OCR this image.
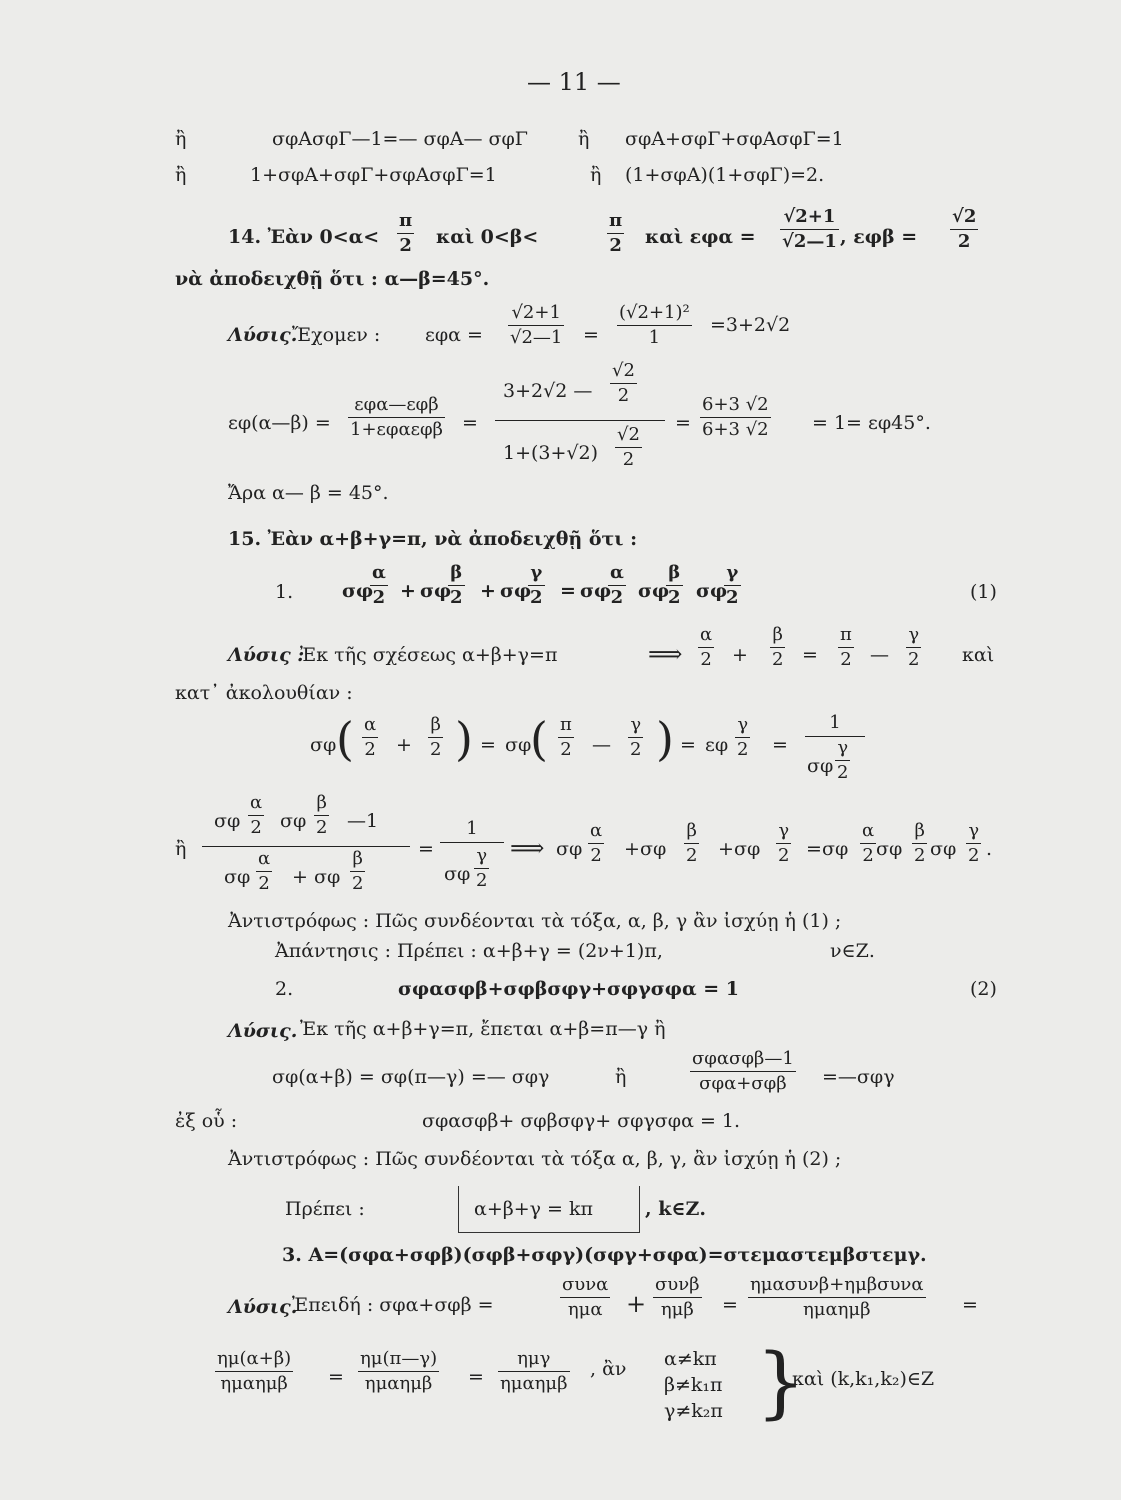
— 11 —
ἢ	σφΑσφΓ—1=— σφΑ— σφΓ	ἢ σφΑ+σφΓ+σφΑσφΓ=1
ἢ	1+σφΑ+σφΓ+σφΑσφΓ=1	ἢ (1+σφΑ)(1+σφΓ)=2.
14. Ἐὰν $0<\alpha< \frac{\pi}{2}$ καὶ 0<β<	$\frac{\pi}{2}$ καὶ $\varepsilon\varphi\alpha = \frac{√2+1}{√2—1}$ , $\varepsilon\varphi\beta = \frac{√2}{2}$
νὰ ἀποδειχθῇ ὅτι : α—β=45°.
Λύσις.
Ἔχομεν : $\varepsilon\varphi\alpha = \frac{√2+1}{√2—1} = \frac{\text{(√2+1)²}}{1} =3+2√2$
εφ(α—β) =
εφα—εφβ
1+εφαεφβ =
3+2√2 — $\frac{√2}{2}$
$1+(3+√2) \frac{√2}{2}$
= $\frac{6+3 √2}{6+3 √2} = 1= \varepsilon\varphi 45^\circ$.
Ἄρα α— β = 45°.
15. Ἐὰν α+β+γ=π, νὰ ἀποδειχθῇ ὅτι :
1.	σφ
$\frac{\alpha}{2} + \sigma\varphi$
$\frac{\beta}{2} + \sigma\varphi$
$\frac{\gamma}{2} = \sigma\varphi$
$\frac{\alpha}{2}$ σφ
$\frac{\beta}{2}$ σφ
$\frac{\gamma}{2}$	(1)
Λύσις :
Ἐκ τῆς σχέσεως α+β+γ=π	⟹ $\frac{\alpha}{2} + \frac{\beta}{2} = \frac{\pi}{2}$ — $\frac{\gamma}{2}$ καὶ
κατ᾽ ἀκολουθίαν :
σφ ( $\frac{\alpha}{2} + \frac{\beta}{2}$ ) = σφ
( $\frac{\pi}{2}$ — $\frac{\gamma}{2}$ ) = εφ $\frac{\gamma}{2}$ =
1
σφ $\frac{\gamma}{2}$
ἢ
σφ $\frac{\alpha}{2}$ σφ $\frac{\beta}{2}$ —1
σφ $\frac{\alpha}{2} + \sigma\varphi \frac{\beta}{2}$
=
1
σφ $\frac{\gamma}{2}$ ⟹ σφ $\frac{\alpha}{2} + \sigma\varphi \frac{\beta}{2} + \sigma\varphi \frac{\gamma}{2} = \sigma\varphi \frac{\alpha}{2}$ σφ $\frac{\beta}{2}$ σφ $\frac{\gamma}{2}$ .
Ἀντιστρόφως : Πῶς συνδέονται τὰ τόξα, α, β, γ ἂν ἰσχύῃ ἡ (1) ;
Ἀπάντησις : Πρέπει : α+β+γ = (2ν+1)π,	ν∈Ζ.
2.	σφασφβ+σφβσφγ+σφγσφα = 1	(2)
Λύσις. Ἐκ τῆς α+β+γ=π, ἔπεται α+β=π—γ ἢ
σφ(α+β) = σφ(π—γ) =— σφγ	ἢ
σφασφβ—1
σφα+σφβ	=—σφγ
ἐξ οὗ :	σφασφβ+ σφβσφγ+ σφγσφα = 1.
Ἀντιστρόφως : Πῶς συνδέονται τὰ τόξα α, β, γ, ἂν ἰσχύῃ ἡ (2) ;
Πρέπει :	α+β+γ = kπ	, k∈Ζ.
3. Α=(σφα+σφβ)(σφβ+σφγ)(σφγ+σφα)=στεμαστεμβστεμγ.
Λύσις.
Ἐπειδή : σφα+σφβ =
συνα
ημα +
συνβ
ημβ	=
ημασυνβ+ημβσυνα
ημαημβ	=
ημ(α+β)
ημαημβ =
ημ(π—γ)
ημαημβ	=
ημγ
ημαημβ
, ἂν α≠kπ
β≠k₁π
γ≠k₂π }
καὶ (k,k₁,k₂)∈Ζ
